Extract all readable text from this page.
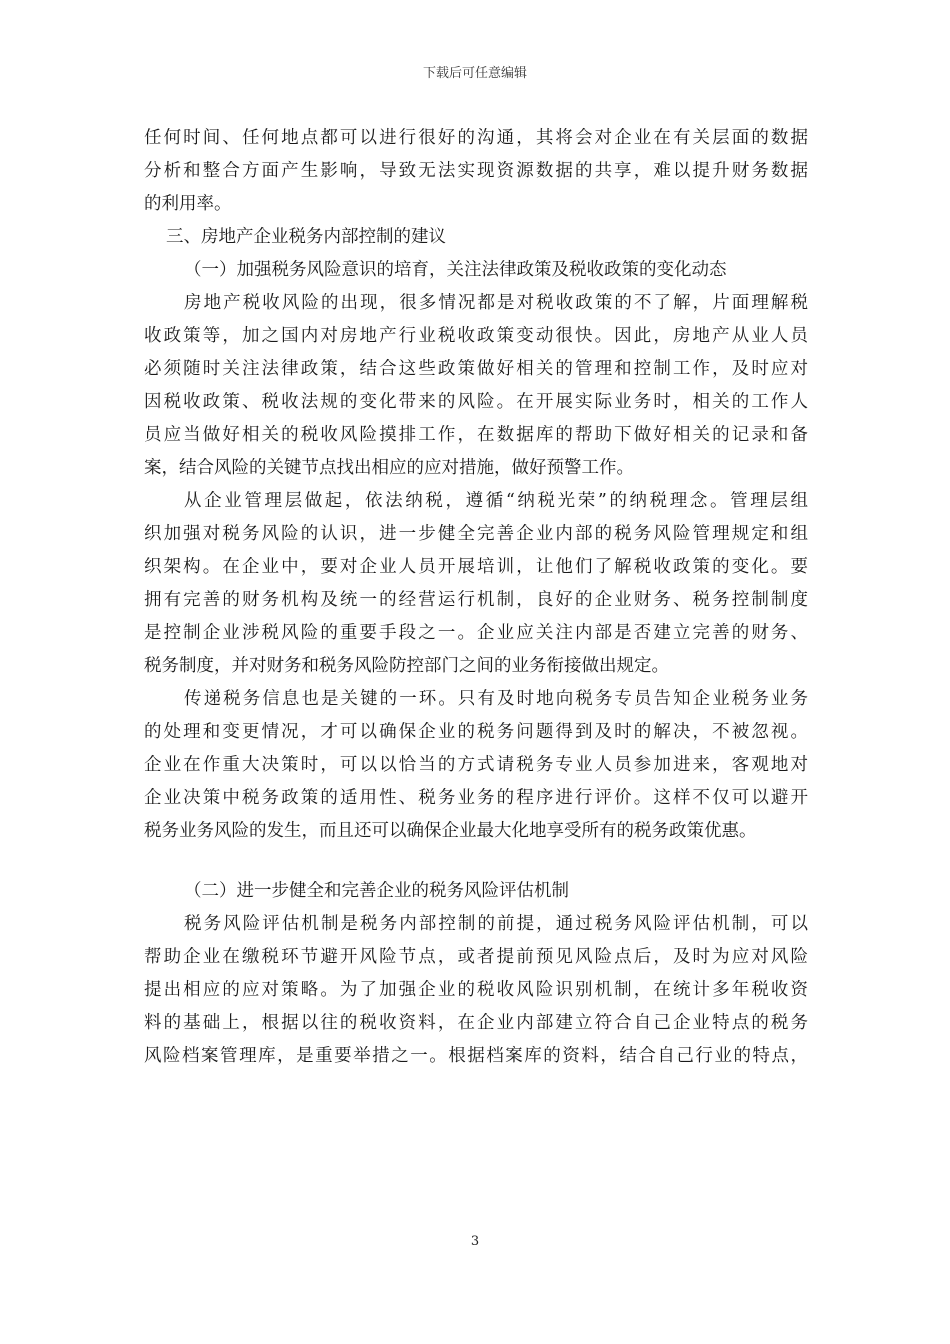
下载后可任意编辑
任何时间、任何地点都可以进行很好的沟通，其将会对企业在有关层面的数据
分析和整合方面产生影响，导致无法实现资源数据的共享，难以提升财务数据
的利用率。
三、房地产企业税务内部控制的建议
（一）加强税务风险意识的培育，关注法律政策及税收政策的变化动态
房地产税收风险的出现，很多情况都是对税收政策的不了解，片面理解税
收政策等，加之国内对房地产行业税收政策变动很快。因此，房地产从业人员
必须随时关注法律政策，结合这些政策做好相关的管理和控制工作，及时应对
因税收政策、税收法规的变化带来的风险。在开展实际业务时，相关的工作人
员应当做好相关的税收风险摸排工作，在数据库的帮助下做好相关的记录和备
案，结合风险的关键节点找出相应的应对措施，做好预警工作。
从企业管理层做起，依法纳税，遵循“纳税光荣”的纳税理念。管理层组
织加强对税务风险的认识，进一步健全完善企业内部的税务风险管理规定和组
织架构。在企业中，要对企业人员开展培训，让他们了解税收政策的变化。要
拥有完善的财务机构及统一的经营运行机制，良好的企业财务、税务控制制度
是控制企业涉税风险的重要手段之一。企业应关注内部是否建立完善的财务、
税务制度，并对财务和税务风险防控部门之间的业务衔接做出规定。
传递税务信息也是关键的一环。只有及时地向税务专员告知企业税务业务
的处理和变更情况，才可以确保企业的税务问题得到及时的解决，不被忽视。
企业在作重大决策时，可以以恰当的方式请税务专业人员参加进来，客观地对
企业决策中税务政策的适用性、税务业务的程序进行评价。这样不仅可以避开
税务业务风险的发生，而且还可以确保企业最大化地享受所有的税务政策优惠。
（二）进一步健全和完善企业的税务风险评估机制
税务风险评估机制是税务内部控制的前提，通过税务风险评估机制，可以
帮助企业在缴税环节避开风险节点，或者提前预见风险点后，及时为应对风险
提出相应的应对策略。为了加强企业的税收风险识别机制，在统计多年税收资
料的基础上，根据以往的税收资料，在企业内部建立符合自己企业特点的税务
风险档案管理库，是重要举措之一。根据档案库的资料，结合自己行业的特点，
3
